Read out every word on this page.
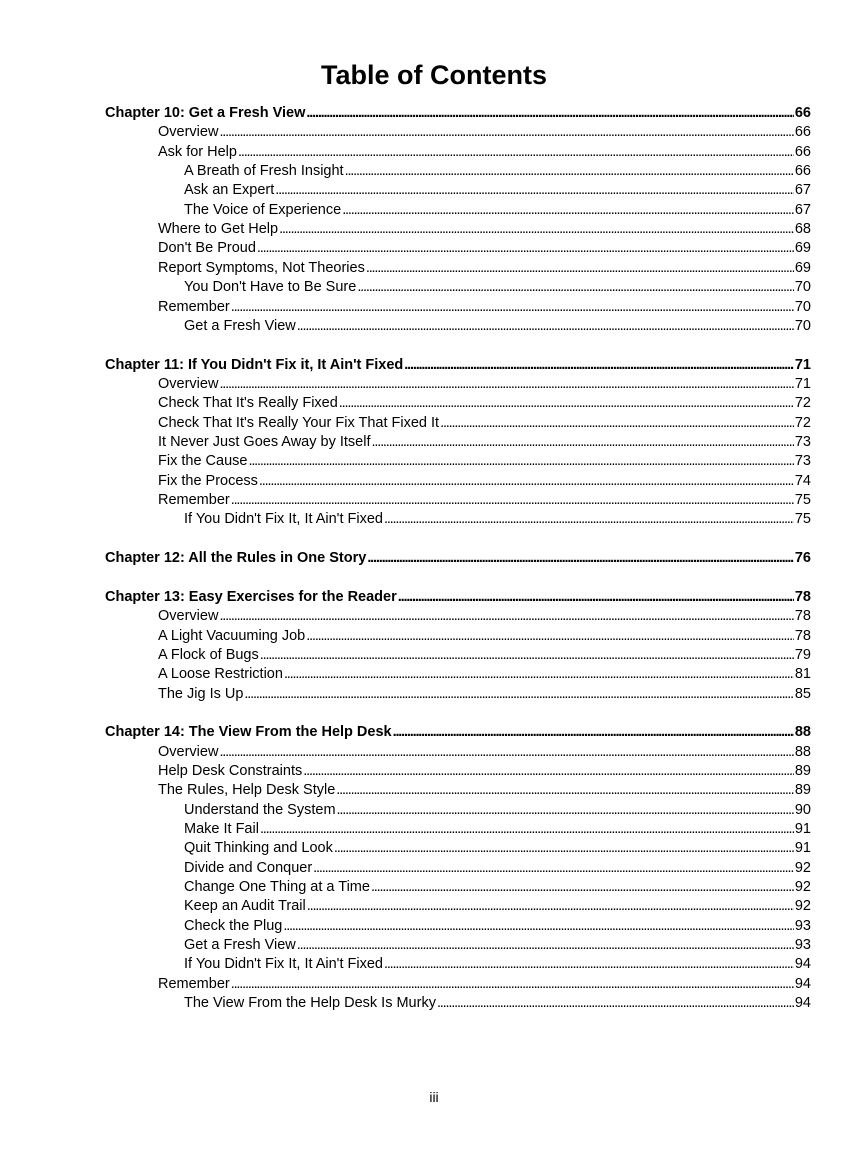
Table of Contents
Chapter 10: Get a Fresh View . . .	66
Overview . . .	66
Ask for Help . . .	66
A Breath of Fresh Insight . . .	66
Ask an Expert . . .	67
The Voice of Experience . . .	67
Where to Get Help . . .	68
Don't Be Proud . . .	69
Report Symptoms, Not Theories . . .	69
You Don't Have to Be Sure . . .	70
Remember . . .	70
Get a Fresh View . . .	70
Chapter 11: If You Didn't Fix it, It Ain't Fixed . . .	71
Overview . . .	71
Check That It's Really Fixed . . .	72
Check That It's Really Your Fix That Fixed It . . .	72
It Never Just Goes Away by Itself . . .	73
Fix the Cause . . .	73
Fix the Process . . .	74
Remember . . .	75
If You Didn't Fix It, It Ain't Fixed . . .	75
Chapter 12: All the Rules in One Story . . .	76
Chapter 13: Easy Exercises for the Reader . . .	78
Overview . . .	78
A Light Vacuuming Job . . .	78
A Flock of Bugs . . .	79
A Loose Restriction . . .	81
The Jig Is Up . . .	85
Chapter 14: The View From the Help Desk . . .	88
Overview . . .	88
Help Desk Constraints . . .	89
The Rules, Help Desk Style . . .	89
Understand the System . . .	90
Make It Fail . . .	91
Quit Thinking and Look . . .	91
Divide and Conquer . . .	92
Change One Thing at a Time . . .	92
Keep an Audit Trail . . .	92
Check the Plug . . .	93
Get a Fresh View . . .	93
If You Didn't Fix It, It Ain't Fixed . . .	94
Remember . . .	94
The View From the Help Desk Is Murky . . .	94
iii
